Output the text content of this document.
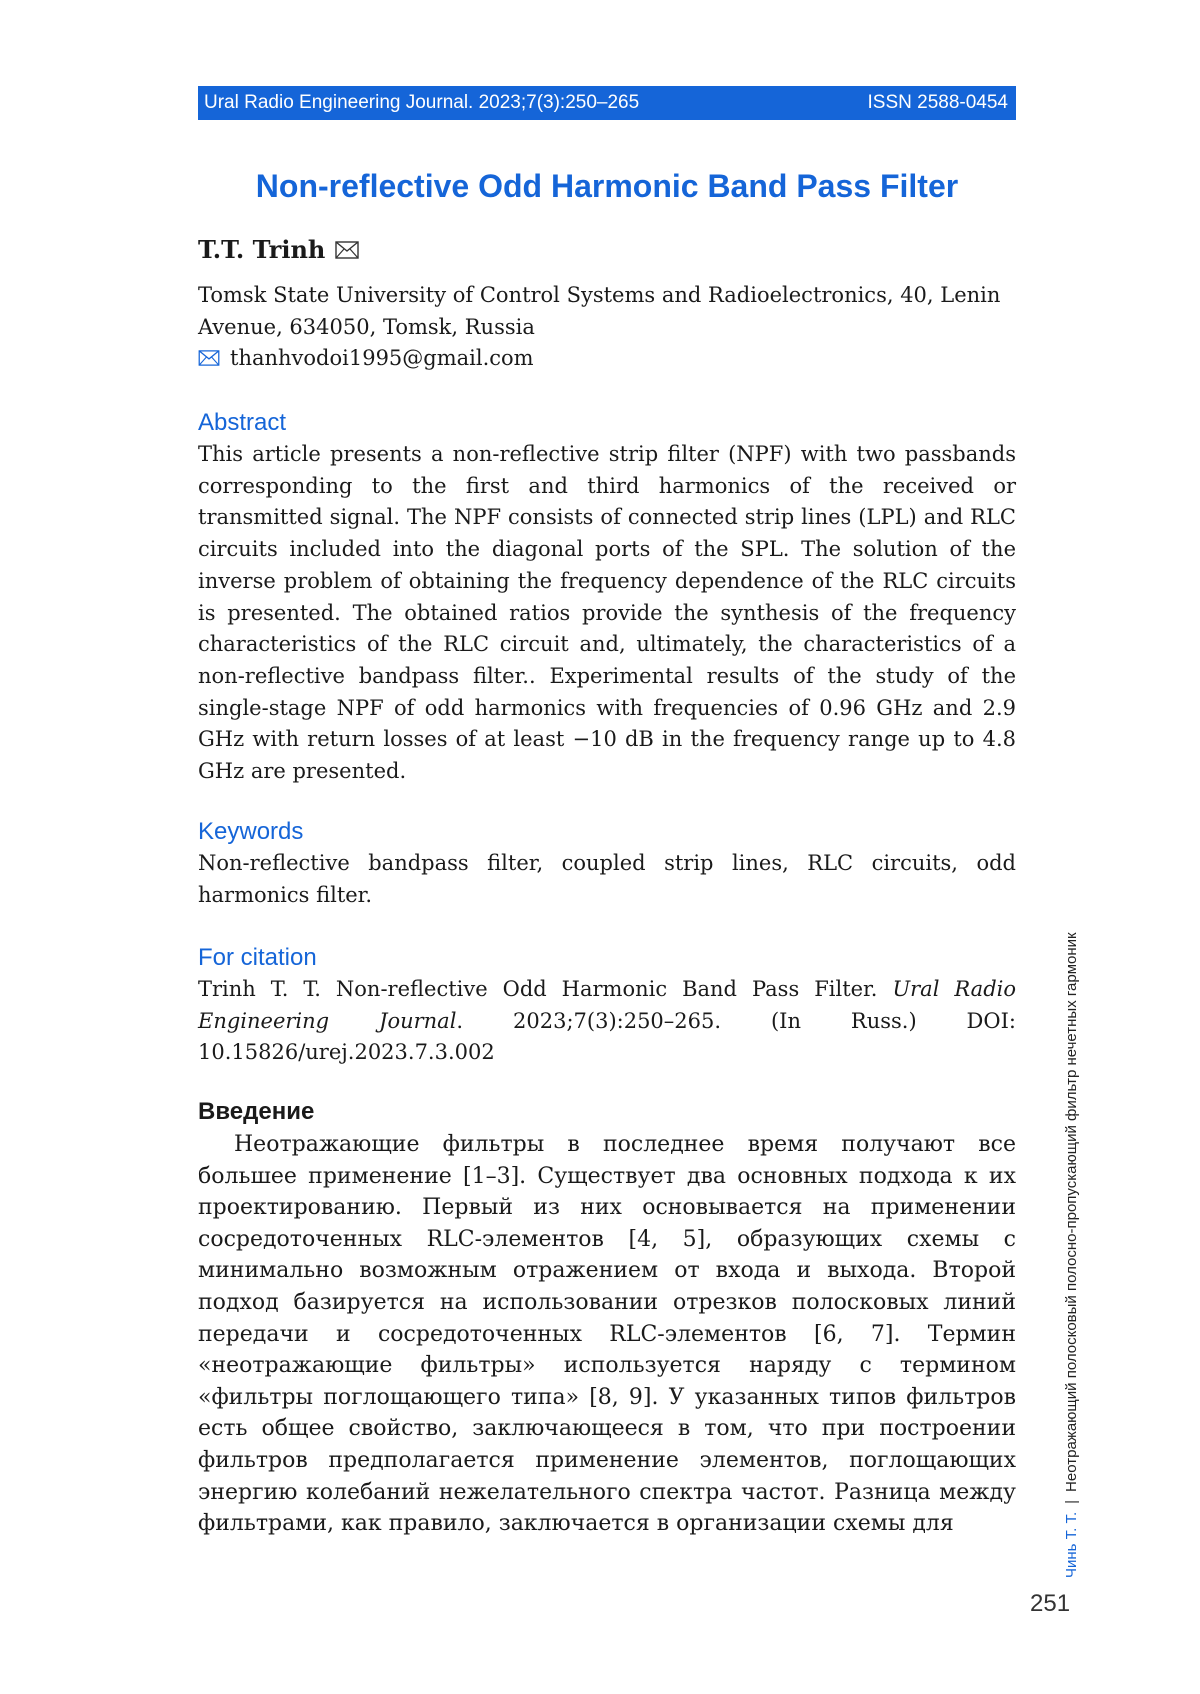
Ural Radio Engineering Journal. 2023;7(3):250–265	ISSN 2588-0454
Non-reflective Odd Harmonic Band Pass Filter
T.T. Trinh
Tomsk State University of Control Systems and Radioelectronics, 40, Lenin Avenue, 634050, Tomsk, Russia
thanhvodoi1995@gmail.com
Abstract

This article presents a non-reflective strip filter (NPF) with two passbands corresponding to the first and third harmonics of the received or transmitted signal. The NPF consists of connected strip lines (LPL) and RLC circuits included into the diagonal ports of the SPL. The solution of the inverse problem of obtaining the frequency dependence of the RLC circuits is presented. The obtained ratios provide the synthesis of the frequency characteristics of the RLC circuit and, ultimately, the characteristics of a non-reflective bandpass filter.. Experimental results of the study of the single-stage NPF of odd harmonics with frequencies of 0.96 GHz and 2.9 GHz with return losses of at least −10 dB in the frequency range up to 4.8 GHz are presented.

Keywords

Non-reflective bandpass filter, coupled strip lines, RLC circuits, odd harmonics filter.

For citation

Trinh T. T. Non-reflective Odd Harmonic Band Pass Filter. Ural Radio Engineering Journal. 2023;7(3):250–265. (In Russ.) DOI: 10.15826/urej.2023.7.3.002

Введение

Неотражающие фильтры в последнее время получают все большее применение [1–3]. Существует два основных подхода к их проектированию. Первый из них основывается на применении сосредоточенных RLC-элементов [4, 5], образующих схемы с минимально возможным отражением от входа и выхода. Второй подход базируется на использовании отрезков полосковых линий передачи и сосредоточенных RLC-элементов [6, 7]. Термин «неотражающие фильтры» используется наряду с термином «фильтры поглощающего типа» [8, 9]. У указанных типов фильтров есть общее свойство, заключающееся в том, что при построении фильтров предполагается применение элементов, поглощающих энергию колебаний нежелательного спектра частот. Разница между фильтрами, как правило, заключается в организации схемы для	Чинь Т. Т.
|
Неотражающий полосковый полосно-пропускающий фильтр нечетных гармоник
251
